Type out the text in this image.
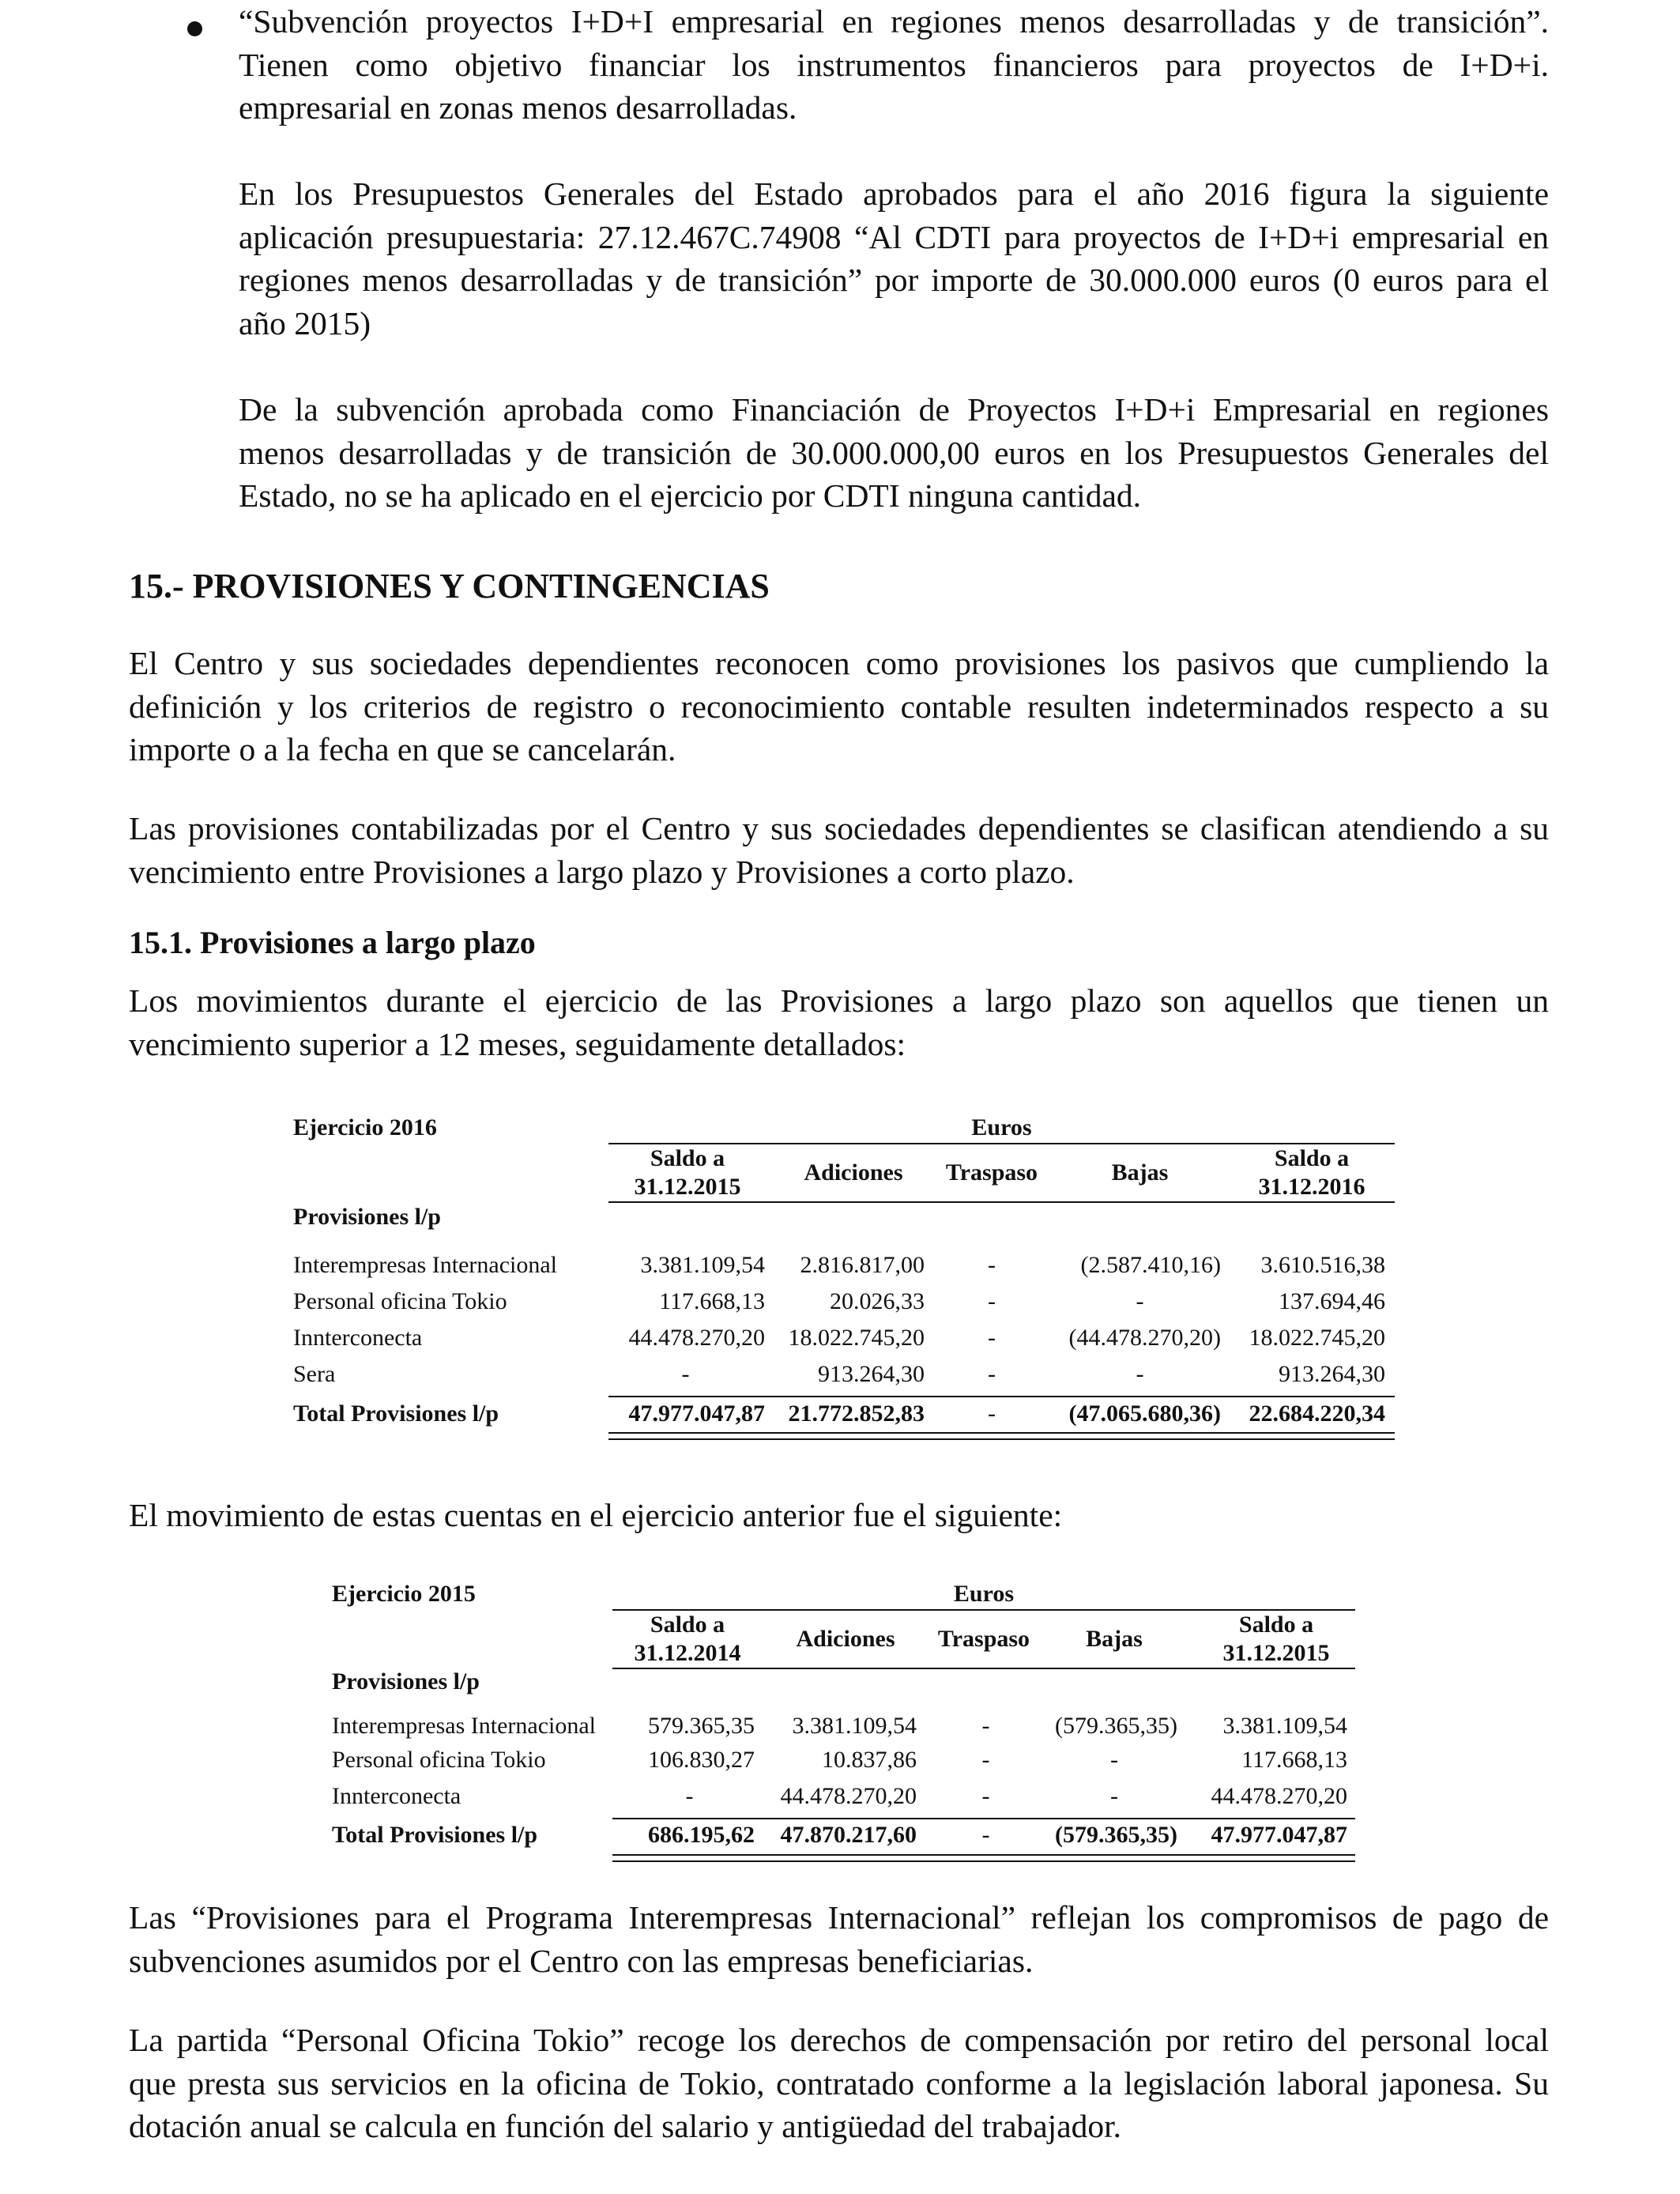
“Subvención proyectos I+D+I empresarial en regiones menos desarrolladas y de transición”.
Tienen como objetivo financiar los instrumentos financieros para proyectos de I+D+i.
empresarial en zonas menos desarrolladas.

En los Presupuestos Generales del Estado aprobados para el año 2016 figura la siguiente
aplicación presupuestaria: 27.12.467C.74908 “Al CDTI para proyectos de I+D+i empresarial en
regiones menos desarrolladas y de transición” por importe de 30.000.000 euros (0 euros para el
año 2015)

De la subvención aprobada como Financiación de Proyectos I+D+i Empresarial en regiones
menos desarrolladas y de transición de 30.000.000,00 euros en los Presupuestos Generales del
Estado, no se ha aplicado en el ejercicio por CDTI ninguna cantidad.

15.- PROVISIONES Y CONTINGENCIAS

El Centro y sus sociedades dependientes reconocen como provisiones los pasivos que cumpliendo la
definición y los criterios de registro o reconocimiento contable resulten indeterminados respecto a su
importe o a la fecha en que se cancelarán.

Las provisiones contabilizadas por el Centro y sus sociedades dependientes se clasifican atendiendo a su
vencimiento entre Provisiones a largo plazo y Provisiones a corto plazo.

15.1. Provisiones a largo plazo

Los movimientos durante el ejercicio de las Provisiones a largo plazo son aquellos que tienen un
vencimiento superior a 12 meses, seguidamente detallados:

Ejercicio 2016	Euros
Saldo a
31.12.2015
Adiciones	Traspaso	Bajas
Saldo a
31.12.2016
Provisiones l/p
Interempresas Internacional	3.381.109,54	2.816.817,00	-	(2.587.410,16)	3.610.516,38
Personal oficina Tokio	117.668,13	20.026,33	-	-	137.694,46
Innterconecta	44.478.270,20 18.022.745,20	-	(44.478.270,20)	18.022.745,20
Sera	-	913.264,30	-	-	913.264,30
Total Provisiones l/p	47.977.047,87 21.772.852,83	-	(47.065.680,36)	22.684.220,34

El movimiento de estas cuentas en el ejercicio anterior fue el siguiente:

Ejercicio 2015	Euros
Saldo a
31.12.2014
Adiciones	Traspaso	Bajas
Saldo a
31.12.2015
Provisiones l/p
Interempresas Internacional	579.365,35	3.381.109,54	-	(579.365,35)	3.381.109,54
Personal oficina Tokio	106.830,27	10.837,86	-	-	117.668,13
Innterconecta	-	44.478.270,20	-	-	44.478.270,20
Total Provisiones l/p	686.195,62	47.870.217,60	-	(579.365,35)	47.977.047,87

Las “Provisiones para el Programa Interempresas Internacional” reflejan los compromisos de pago de
subvenciones asumidos por el Centro con las empresas beneficiarias.

La partida “Personal Oficina Tokio” recoge los derechos de compensación por retiro del personal local
que presta sus servicios en la oficina de Tokio, contratado conforme a la legislación laboral japonesa. Su
dotación anual se calcula en función del salario y antigüedad del trabajador.
